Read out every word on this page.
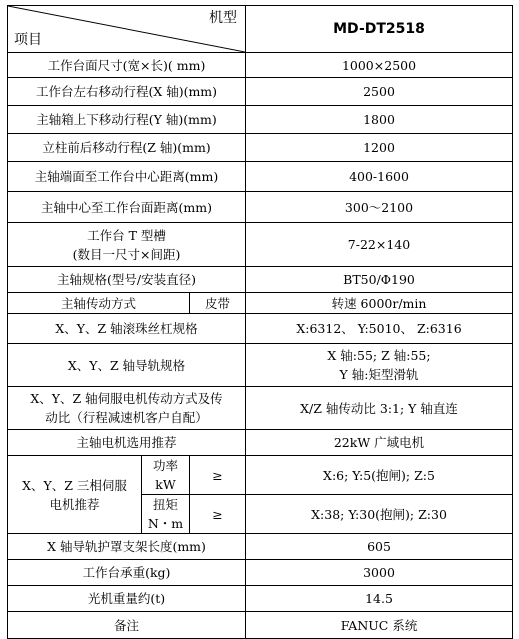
机型
项目			MD-DT2518
工作台面尺寸(宽×长)( mm)			1000×2500
工作台左右移动行程(X 轴)(mm)			2500
主轴箱上下移动行程(Y 轴)(mm)			1800
立柱前后移动行程(Z 轴)(mm)			1200
主轴端面至工作台中心距离(mm)			400-1600
主轴中心至工作台面距离(mm)			300～2100

工作台 T 型槽
(数目一尺寸×间距)			7-22×140
主轴规格(型号/安装直径)			BT50/Φ190
主轴传动方式		皮带	转速 6000r/min
X、Y、Z 轴滚珠丝杠规格			X:6312、 Y:5010、 Z:6316
X、Y、Z 轴导轨规格			X 轴:55; Z 轴:55;
Y 轴:矩型滑轨

X、Y、Z 轴伺服电机传动方式及传
动比（行程减速机客户自配）			X/Z 轴传动比 3:1; Y 轴直连
主轴电机选用推荐			22kW 广域电机

X、Y、Z 三相伺服
电机推荐	功率 kW	≥	X:6; Y:5(抱闸); Z:5
	扭矩 N・m	≥	X:38; Y:30(抱闸); Z:30
X 轴导轨护罩支架长度(mm)			605
工作台承重(kg)			3000
光机重量约(t)			14.5
备注			FANUC 系统
